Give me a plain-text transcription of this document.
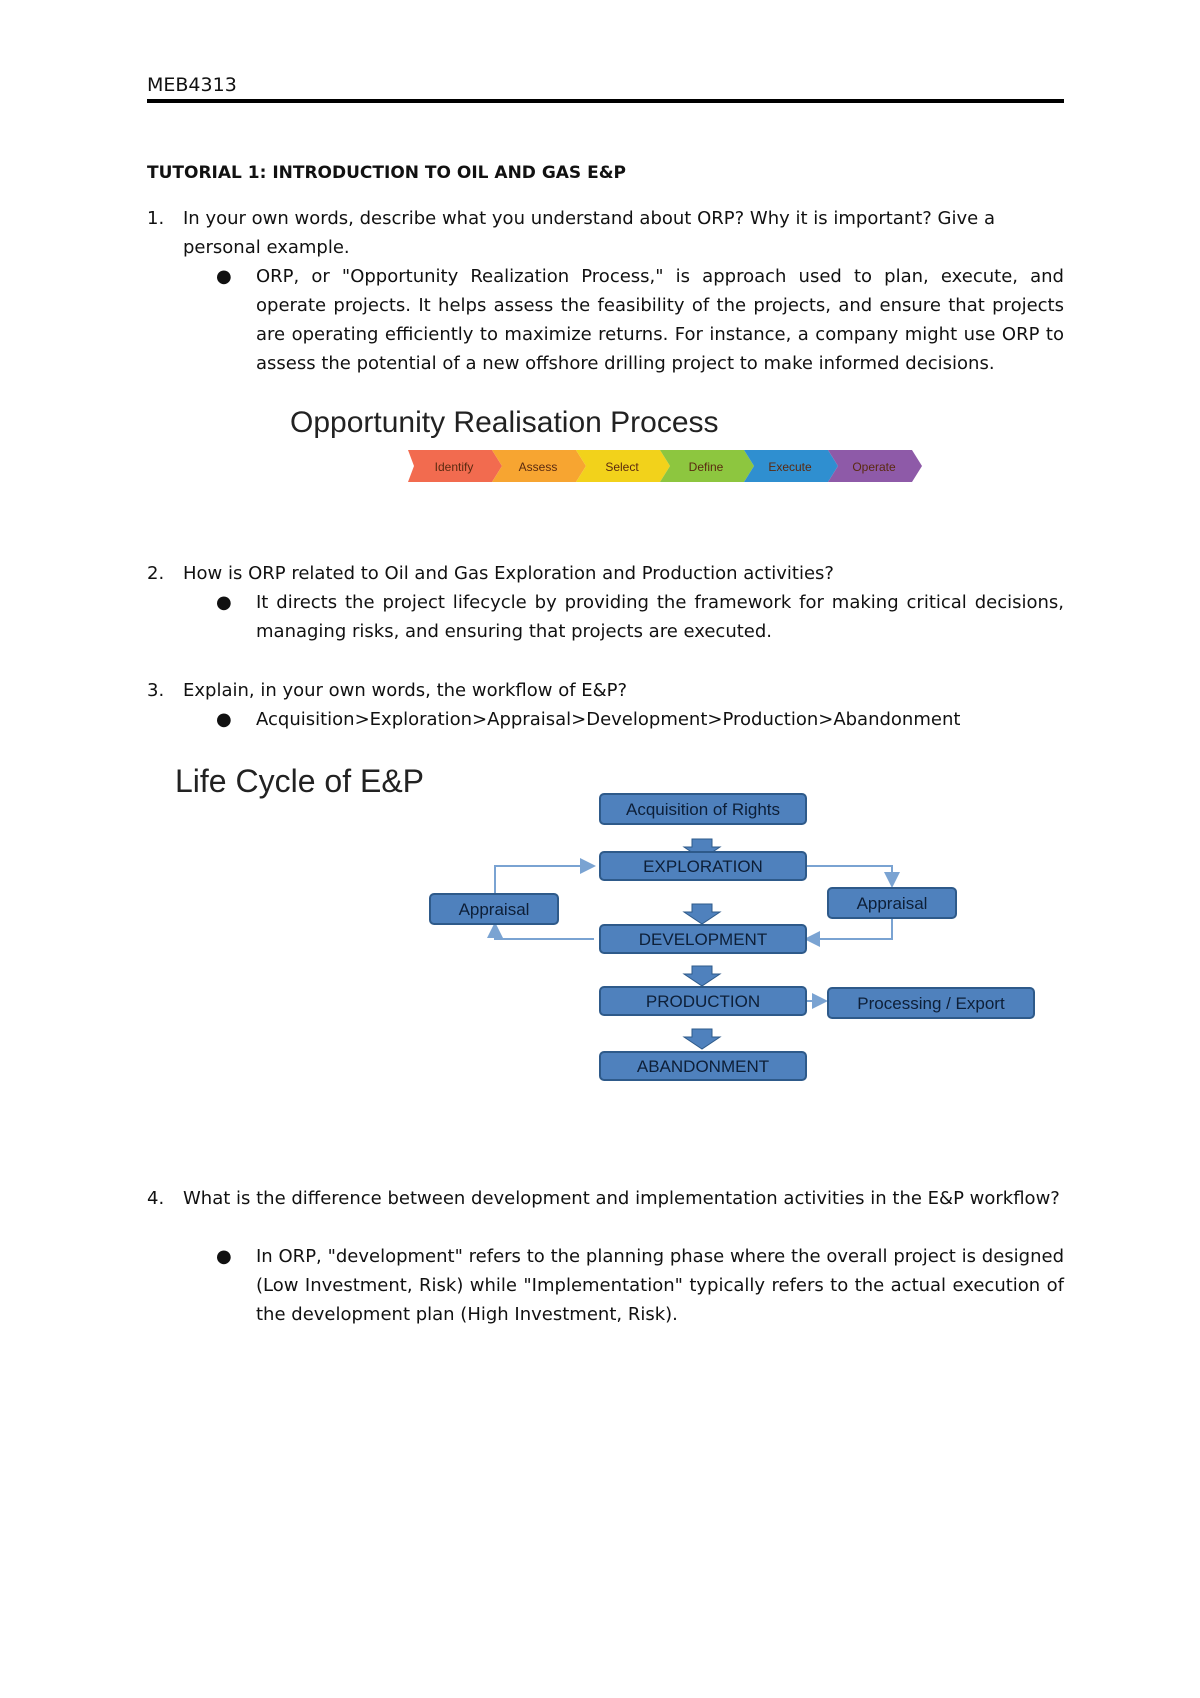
MEB4313
TUTORIAL 1: INTRODUCTION TO OIL AND GAS E&P
1. In your own words, describe what you understand about ORP? Why it is important? Give a personal example.
● ORP, or "Opportunity Realization Process," is approach used to plan, execute, and operate projects. It helps assess the feasibility of the projects, and ensure that projects are operating efficiently to maximize returns. For instance, a company might use ORP to assess the potential of a new offshore drilling project to make informed decisions.
Opportunity Realisation Process
Identify	Assess	Select	Define	Execute	Operate
2. How is ORP related to Oil and Gas Exploration and Production activities?
● It directs the project lifecycle by providing the framework for making critical decisions, managing risks, and ensuring that projects are executed.
3. Explain, in your own words, the workflow of E&P?
● Acquisition>Exploration>Appraisal>Development>Production>Abandonment
Life Cycle of E&P
Acquisition of Rights
EXPLORATION
DEVELOPMENT
PRODUCTION
ABANDONMENT
Appraisal	Appraisal
Processing / Export
4. What is the difference between development and implementation activities in the E&P workflow?
● In ORP, "development" refers to the planning phase where the overall project is designed (Low Investment, Risk) while "Implementation" typically refers to the actual execution of the development plan (High Investment, Risk).
